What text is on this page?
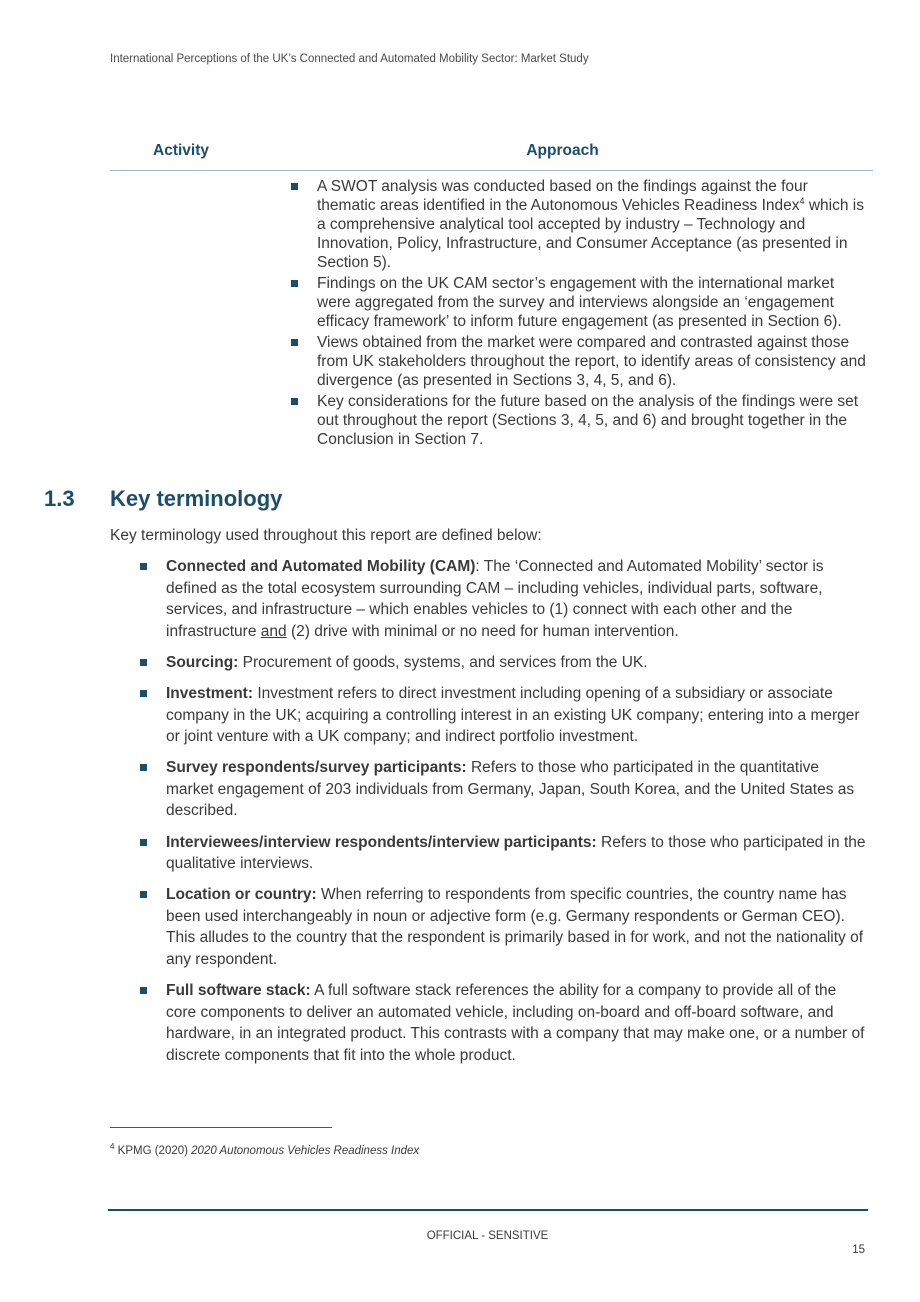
International Perceptions of the UK’s Connected and Automated Mobility Sector: Market Study
Activity	Approach
A SWOT analysis was conducted based on the findings against the four thematic areas identified in the Autonomous Vehicles Readiness Index$^4$ which is a comprehensive analytical tool accepted by industry – Technology and Innovation, Policy, Infrastructure, and Consumer Acceptance (as presented in Section 5).
Findings on the UK CAM sector’s engagement with the international market were aggregated from the survey and interviews alongside an ‘engagement efficacy framework’ to inform future engagement (as presented in Section 6).
Views obtained from the market were compared and contrasted against those from UK stakeholders throughout the report, to identify areas of consistency and divergence (as presented in Sections 3, 4, 5, and 6).
Key considerations for the future based on the analysis of the findings were set out throughout the report (Sections 3, 4, 5, and 6) and brought together in the Conclusion in Section 7.
1.3 Key terminology
Key terminology used throughout this report are defined below:
Connected and Automated Mobility (CAM): The ‘Connected and Automated Mobility’ sector is defined as the total ecosystem surrounding CAM – including vehicles, individual parts, software, services, and infrastructure – which enables vehicles to (1) connect with each other and the infrastructure and (2) drive with minimal or no need for human intervention.
Sourcing: Procurement of goods, systems, and services from the UK.
Investment: Investment refers to direct investment including opening of a subsidiary or associate company in the UK; acquiring a controlling interest in an existing UK company; entering into a merger or joint venture with a UK company; and indirect portfolio investment.
Survey respondents/survey participants: Refers to those who participated in the quantitative market engagement of 203 individuals from Germany, Japan, South Korea, and the United States as described.
Interviewees/interview respondents/interview participants: Refers to those who participated in the qualitative interviews.
Location or country: When referring to respondents from specific countries, the country name has been used interchangeably in noun or adjective form (e.g. Germany respondents or German CEO). This alludes to the country that the respondent is primarily based in for work, and not the nationality of any respondent.
Full software stack: A full software stack references the ability for a company to provide all of the core components to deliver an automated vehicle, including on-board and off-board software, and hardware, in an integrated product. This contrasts with a company that may make one, or a number of discrete components that fit into the whole product.
$^4$ KPMG (2020) 2020 Autonomous Vehicles Readiness Index
OFFICIAL - SENSITIVE
15
